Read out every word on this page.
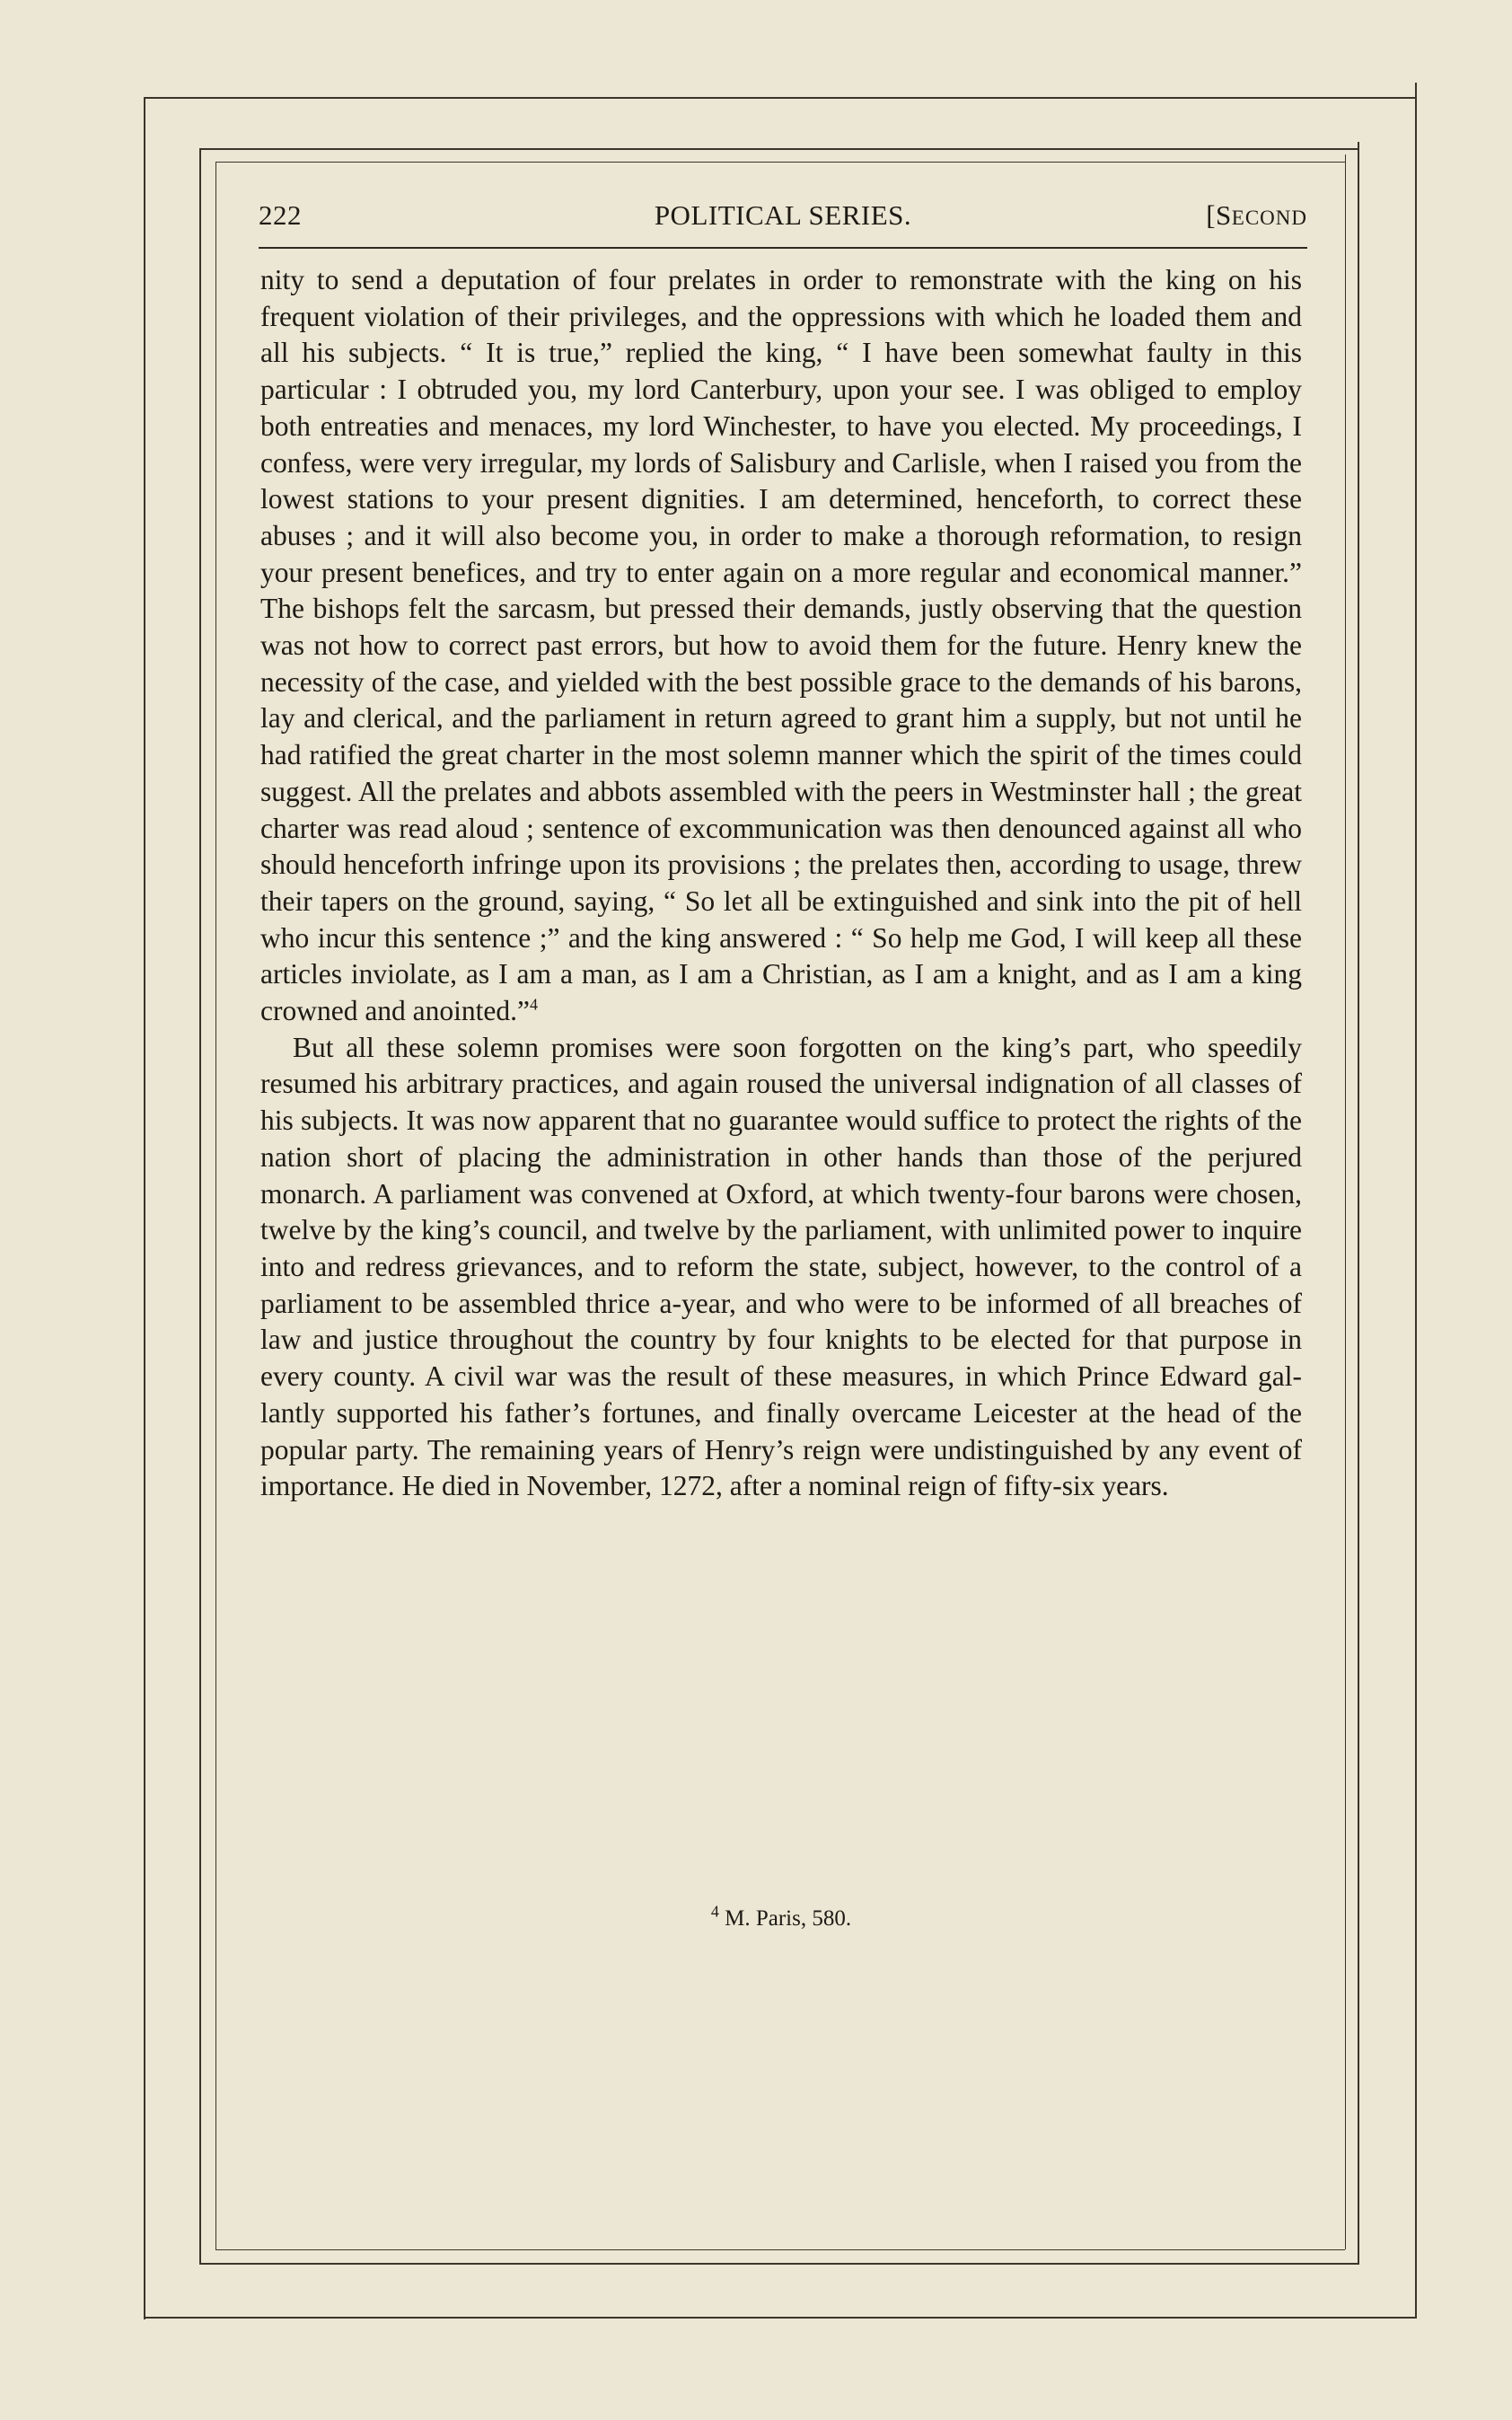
222	POLITICAL SERIES.	[SECOND

nity to send a deputation of four prelates in order to remonstrate with the king on his frequent violation of their privileges, and the oppressions with which he loaded them and all his subjects. “ It is true,” replied the king, “ I have been somewhat faulty in this particular : I obtruded you, my lord Canterbury, upon your see. I was obliged to employ both entreaties and menaces, my lord Winchester, to have you elected. My proceedings, I confess, were very irregular, my lords of Salisbury and Carlisle, when I raised you from the lowest stations to your present dignities. I am determined, henceforth, to correct these abuses ; and it will also become you, in order to make a thorough reformation, to resign your present benefices, and try to enter again on a more regular and economical manner.” The bishops felt the sarcasm, but pressed their demands, justly observing that the question was not how to correct past errors, but how to avoid them for the future. Henry knew the necessity of the case, and yielded with the best possible grace to the demands of his barons, lay and clerical, and the parliament in return agreed to grant him a supply, but not until he had ratified the great charter in the most solemn manner which the spirit of the times could suggest. All the prelates and abbots assembled with the peers in Westminster hall ; the great charter was read aloud ; sentence of excommunication was then denounced against all who should henceforth infringe upon its provisions ; the prelates then, according to usage, threw their tapers on the ground, saying, “ So let all be extinguished and sink into the pit of hell who incur this sentence ;” and the king answered : “ So help me God, I will keep all these articles inviolate, as I am a man, as I am a Christian, as I am a knight, and as I am a king crowned and anointed.”$^4$

But all these solemn promises were soon forgotten on the king’s part, who speedily resumed his arbitrary practices, and again roused the universal indignation of all classes of his subjects. It was now apparent that no guarantee would suffice to protect the rights of the nation short of placing the administration in other hands than those of the perjured monarch. A parliament was convened at Oxford, at which twenty-four barons were chosen, twelve by the king’s council, and twelve by the parliament, with unlimited power to inquire into and redress grievances, and to reform the state, subject, however, to the control of a parliament to be assembled thrice a-year, and who were to be informed of all breaches of law and justice throughout the country by four knights to be elected for that purpose in every county. A civil war was the result of these measures, in which Prince Edward gallantly supported his father’s fortunes, and finally overcame Leicester at the head of the popular party. The remaining years of Henry’s reign were undistinguished by any event of importance. He died in November, 1272, after a nominal reign of fifty-six years.

$^4$ M. Paris, 580.
